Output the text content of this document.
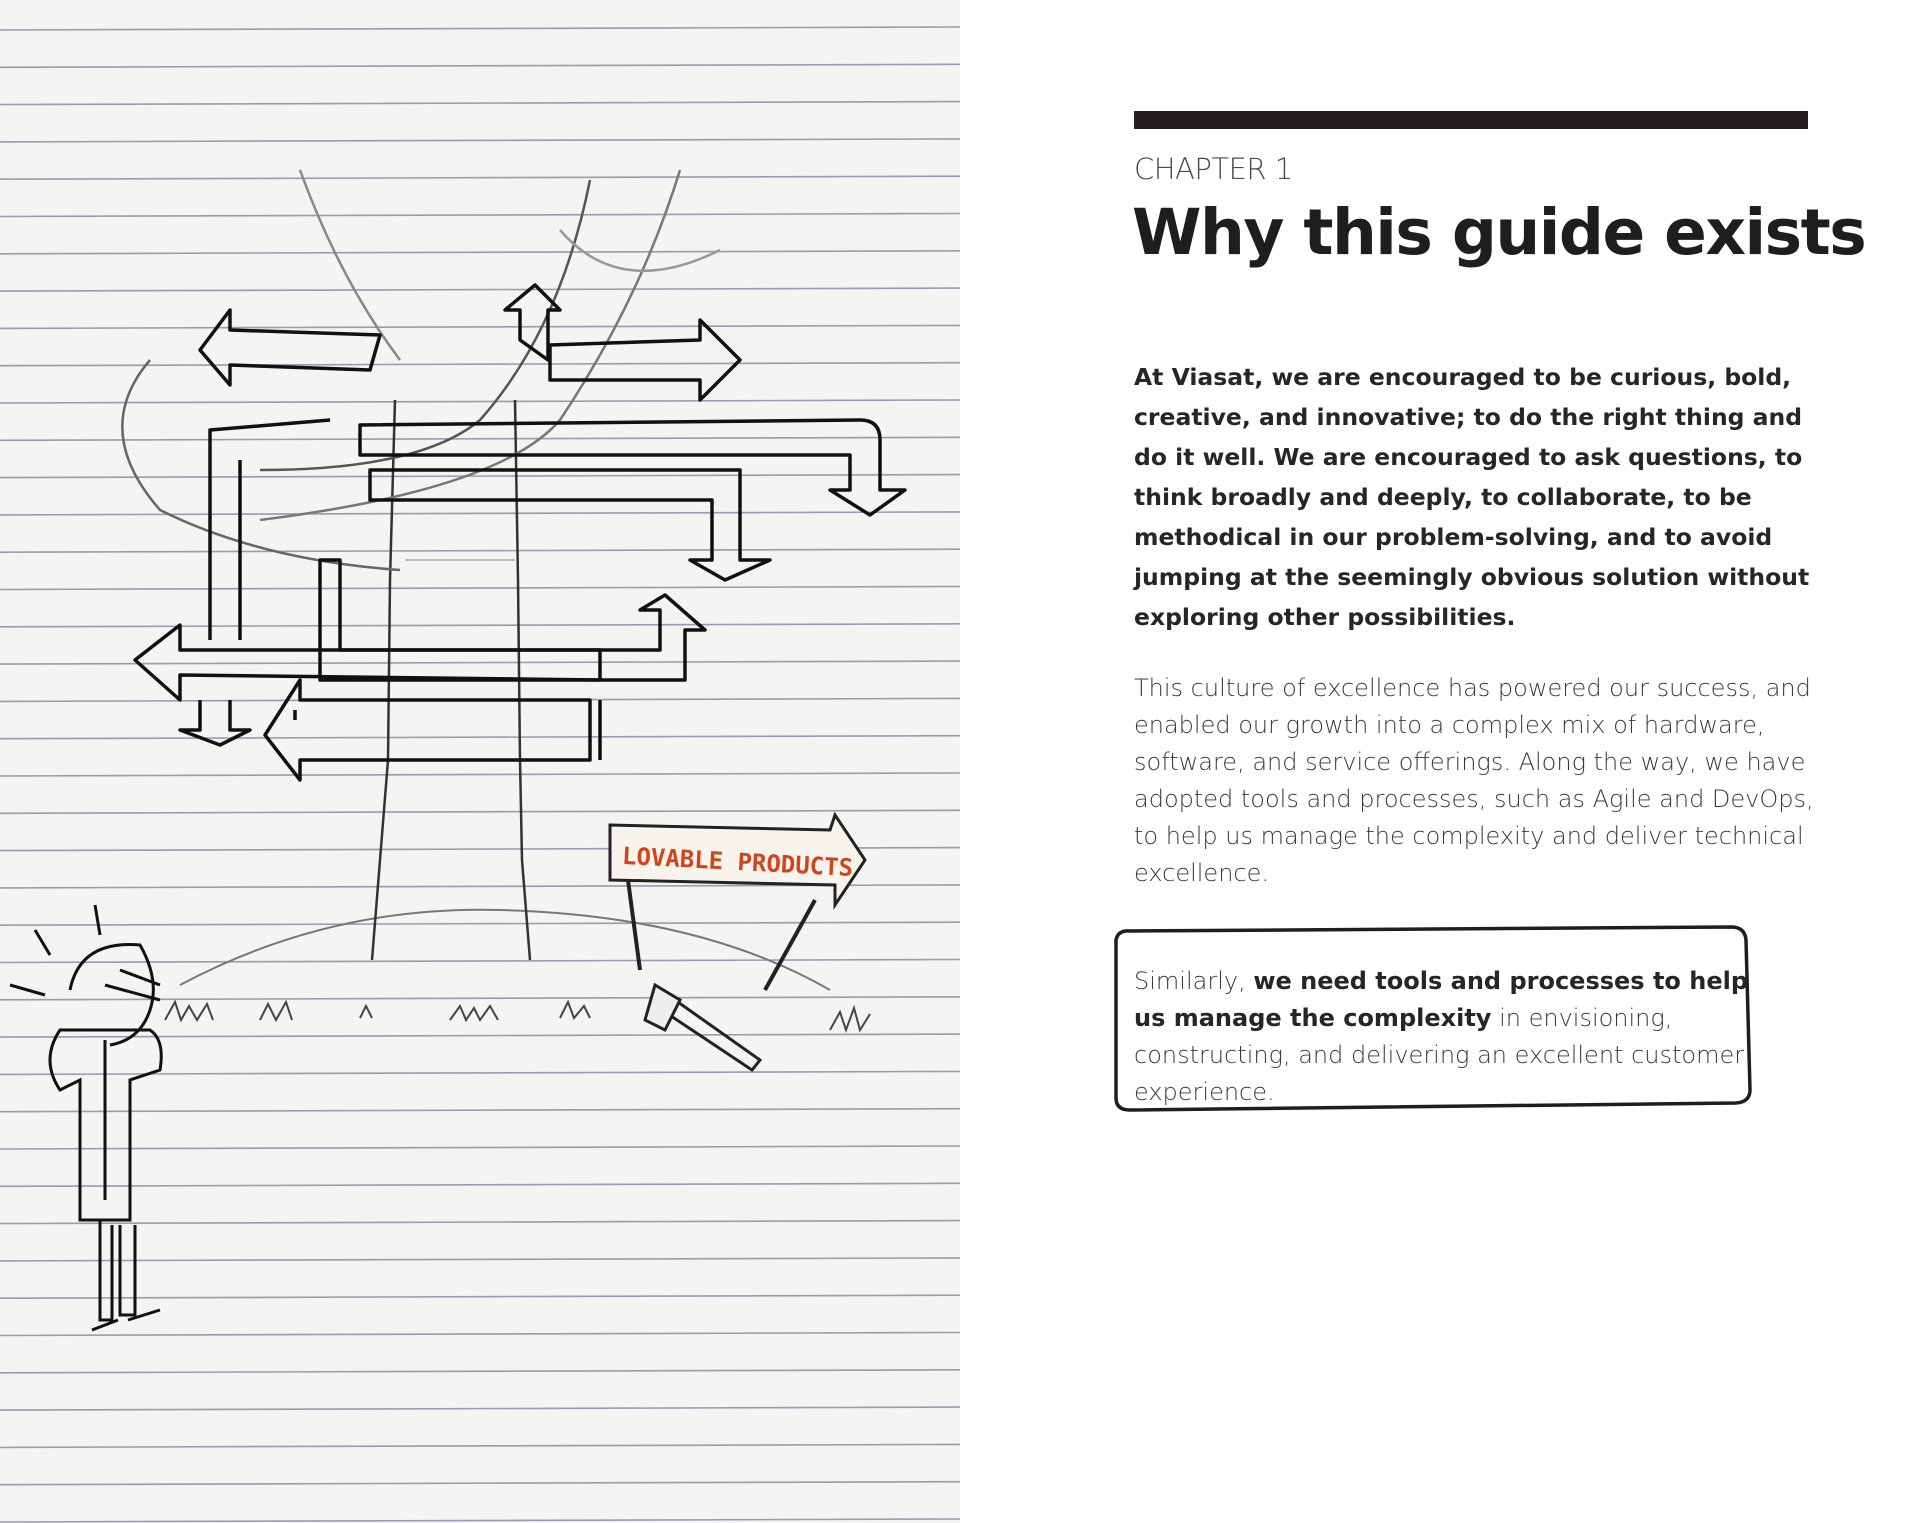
LOVABLE PRODUCTS
CHAPTER 1
Why this guide exists

At Viasat, we are encouraged to be curious, bold, creative, and innovative; to do the right thing and do it well. We are encouraged to ask questions, to think broadly and deeply, to collaborate, to be methodical in our problem-solving, and to avoid jumping at the seemingly obvious solution without exploring other possibilities.

This culture of excellence has powered our success, and enabled our growth into a complex mix of hardware, software, and service offerings. Along the way, we have adopted tools and processes, such as Agile and DevOps, to help us manage the complexity and deliver technical excellence.

Similarly, we need tools and processes to help us manage the complexity in envisioning, constructing, and delivering an excellent customer experience.
